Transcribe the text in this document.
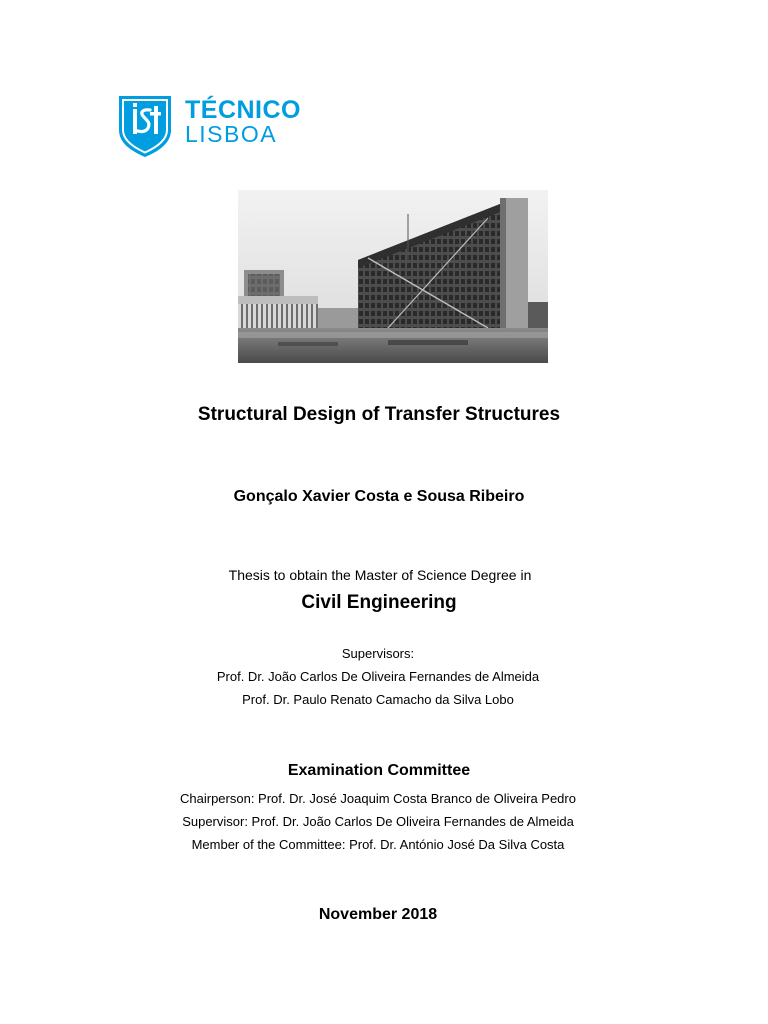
TÉCNICO
LISBOA
Structural Design of Transfer Structures
Gonçalo Xavier Costa e Sousa Ribeiro
Thesis to obtain the Master of Science Degree in
Civil Engineering
Supervisors:
Prof. Dr. João Carlos De Oliveira Fernandes de Almeida
Prof. Dr. Paulo Renato Camacho da Silva Lobo
Examination Committee
Chairperson: Prof. Dr. José Joaquim Costa Branco de Oliveira Pedro
Supervisor: Prof. Dr. João Carlos De Oliveira Fernandes de Almeida
Member of the Committee: Prof. Dr. António José Da Silva Costa
November 2018
